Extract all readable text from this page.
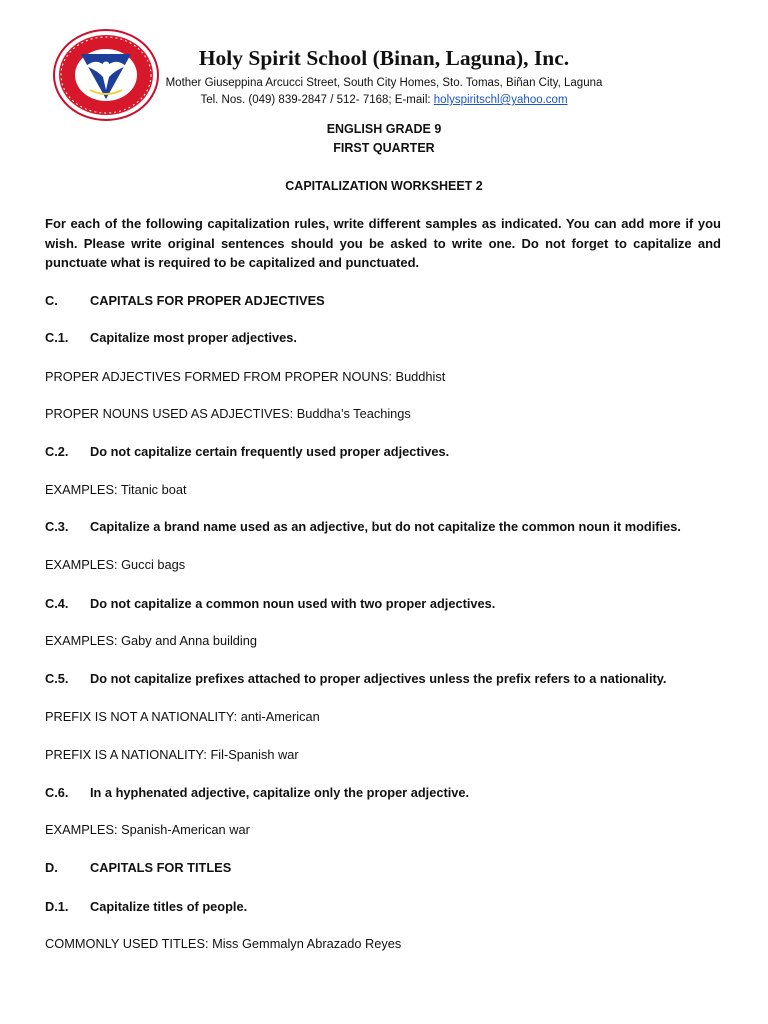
Holy Spirit School (Binan, Laguna), Inc.
Mother Giuseppina Arcucci Street, South City Homes, Sto. Tomas, Biñan City, Laguna
Tel. Nos. (049) 839-2847 / 512- 7168; E-mail: holyspiritschl@yahoo.com
ENGLISH GRADE 9
FIRST QUARTER
CAPITALIZATION WORKSHEET 2
For each of the following capitalization rules, write different samples as indicated. You can add more if you wish. Please write original sentences should you be asked to write one. Do not forget to capitalize and punctuate what is required to be capitalized and punctuated.
C.	CAPITALS FOR PROPER ADJECTIVES
C.1. Capitalize most proper adjectives.
PROPER ADJECTIVES FORMED FROM PROPER NOUNS: Buddhist
PROPER NOUNS USED AS ADJECTIVES: Buddha’s Teachings
C.2. Do not capitalize certain frequently used proper adjectives.
EXAMPLES: Titanic boat
C.3. Capitalize a brand name used as an adjective, but do not capitalize the common noun it modifies.
EXAMPLES: Gucci bags
C.4. Do not capitalize a common noun used with two proper adjectives.
EXAMPLES: Gaby and Anna building
C.5. Do not capitalize prefixes attached to proper adjectives unless the prefix refers to a nationality.
PREFIX IS NOT A NATIONALITY: anti-American
PREFIX IS A NATIONALITY: Fil-Spanish war
C.6. In a hyphenated adjective, capitalize only the proper adjective.
EXAMPLES: Spanish-American war
D.	CAPITALS FOR TITLES
D.1. Capitalize titles of people.
COMMONLY USED TITLES: Miss Gemmalyn Abrazado Reyes
